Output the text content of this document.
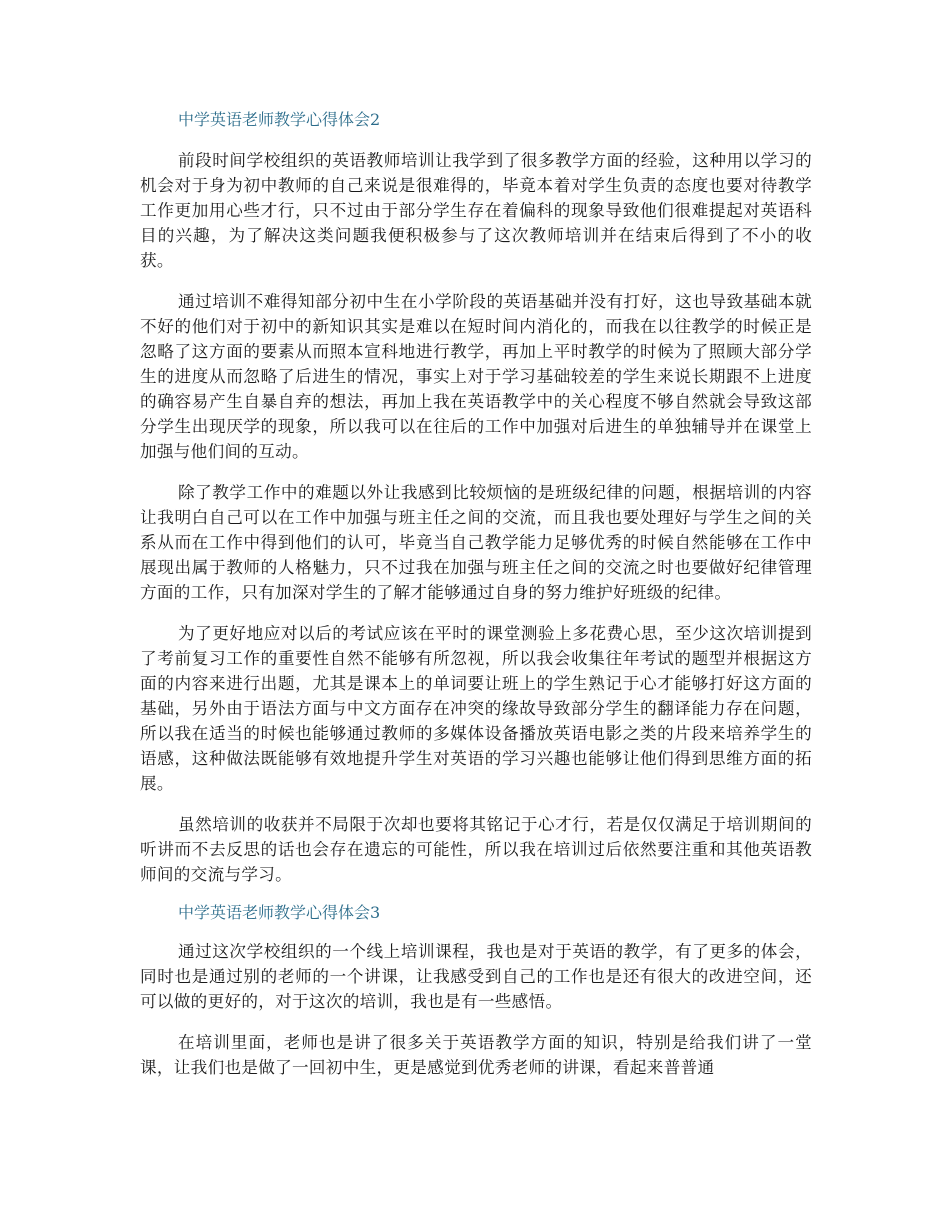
中学英语老师教学心得体会2

前段时间学校组织的英语教师培训让我学到了很多教学方面的经验，这种用以学习的机会对于身为初中教师的自己来说是很难得的，毕竟本着对学生负责的态度也要对待教学工作更加用心些才行，只不过由于部分学生存在着偏科的现象导致他们很难提起对英语科目的兴趣，为了解决这类问题我便积极参与了这次教师培训并在结束后得到了不小的收获。

通过培训不难得知部分初中生在小学阶段的英语基础并没有打好，这也导致基础本就不好的他们对于初中的新知识其实是难以在短时间内消化的，而我在以往教学的时候正是忽略了这方面的要素从而照本宣科地进行教学，再加上平时教学的时候为了照顾大部分学生的进度从而忽略了后进生的情况，事实上对于学习基础较差的学生来说长期跟不上进度的确容易产生自暴自弃的想法，再加上我在英语教学中的关心程度不够自然就会导致这部分学生出现厌学的现象，所以我可以在往后的工作中加强对后进生的单独辅导并在课堂上加强与他们间的互动。

除了教学工作中的难题以外让我感到比较烦恼的是班级纪律的问题，根据培训的内容让我明白自己可以在工作中加强与班主任之间的交流，而且我也要处理好与学生之间的关系从而在工作中得到他们的认可，毕竟当自己教学能力足够优秀的时候自然能够在工作中展现出属于教师的人格魅力，只不过我在加强与班主任之间的交流之时也要做好纪律管理方面的工作，只有加深对学生的了解才能够通过自身的努力维护好班级的纪律。

为了更好地应对以后的考试应该在平时的课堂测验上多花费心思，至少这次培训提到了考前复习工作的重要性自然不能够有所忽视，所以我会收集往年考试的题型并根据这方面的内容来进行出题，尤其是课本上的单词要让班上的学生熟记于心才能够打好这方面的基础，另外由于语法方面与中文方面存在冲突的缘故导致部分学生的翻译能力存在问题，所以我在适当的时候也能够通过教师的多媒体设备播放英语电影之类的片段来培养学生的语感，这种做法既能够有效地提升学生对英语的学习兴趣也能够让他们得到思维方面的拓展。

虽然培训的收获并不局限于次却也要将其铭记于心才行，若是仅仅满足于培训期间的听讲而不去反思的话也会存在遗忘的可能性，所以我在培训过后依然要注重和其他英语教师间的交流与学习。

中学英语老师教学心得体会3

通过这次学校组织的一个线上培训课程，我也是对于英语的教学，有了更多的体会，同时也是通过别的老师的一个讲课，让我感受到自己的工作也是还有很大的改进空间，还可以做的更好的，对于这次的培训，我也是有一些感悟。

在培训里面，老师也是讲了很多关于英语教学方面的知识，特别是给我们讲了一堂课，让我们也是做了一回初中生，更是感觉到优秀老师的讲课，看起来普普通
